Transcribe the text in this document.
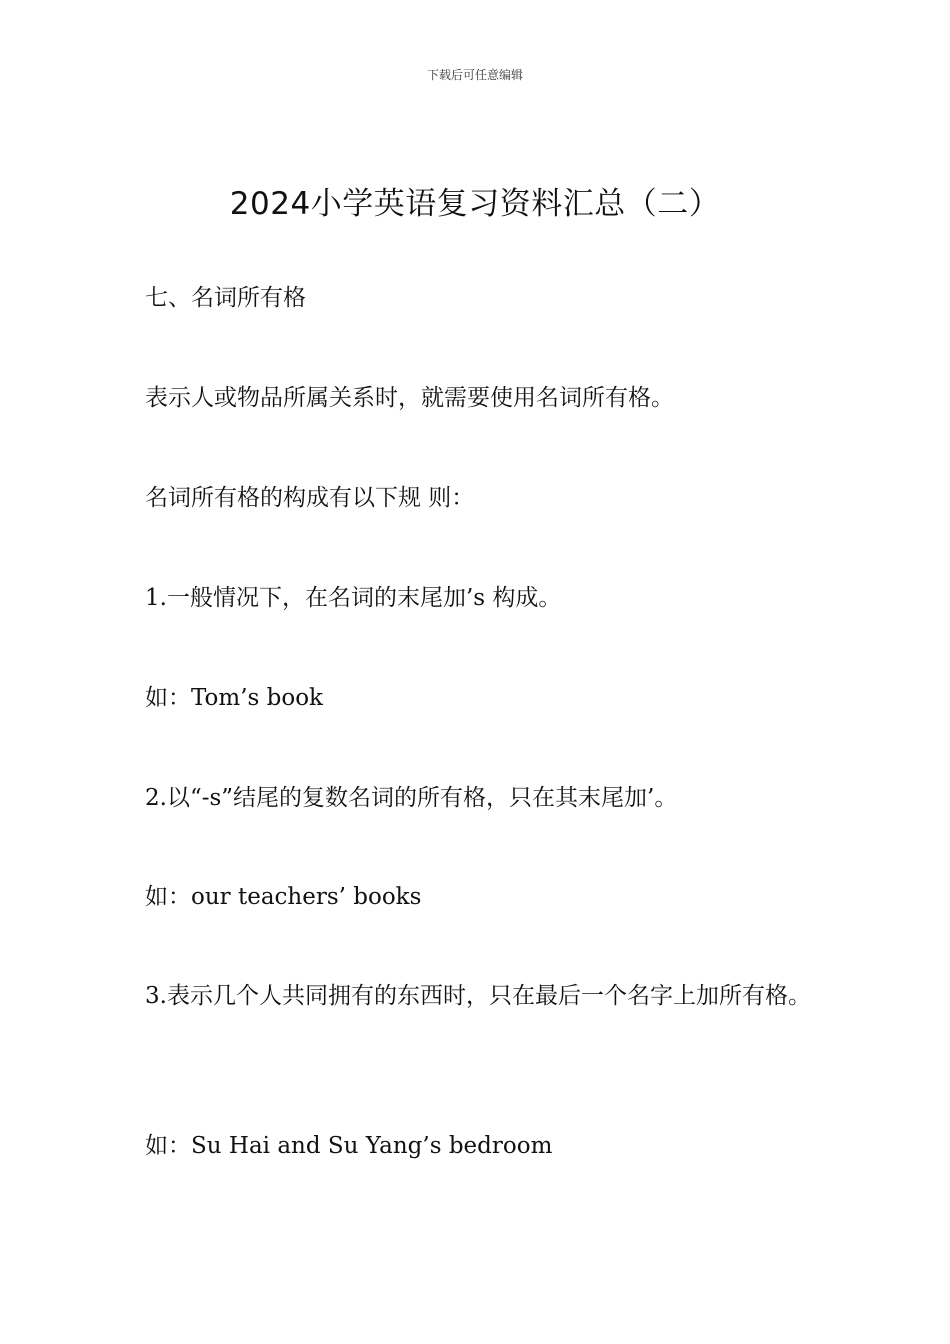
下载后可任意编辑
2024小学英语复习资料汇总（二）

七、名词所有格

表示人或物品所属关系时，就需要使用名词所有格。

名词所有格的构成有以下规 则：

1.一般情况下，在名词的末尾加’s 构成。

如：Tom’s book

2.以“-s”结尾的复数名词的所有格，只在其末尾加’。

如：our teachers’ books

3.表示几个人共同拥有的东西时，只在最后一个名字上加所有格。

如：Su Hai and Su Yang’s bedroom
